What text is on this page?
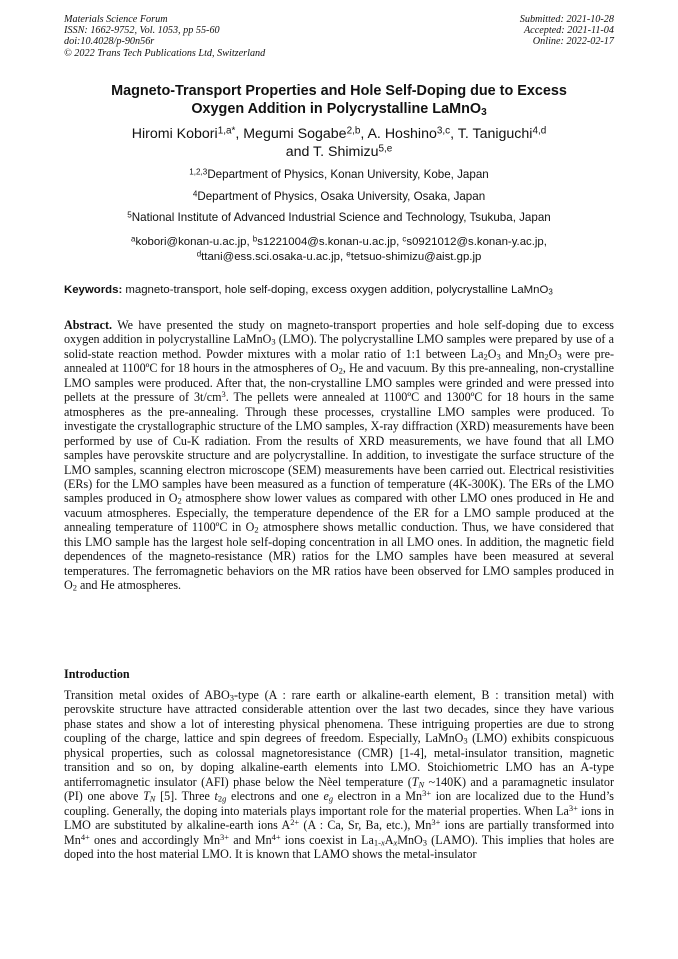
Materials Science Forum
ISSN: 1662-9752, Vol. 1053, pp 55-60
doi:10.4028/p-90n56r
© 2022 Trans Tech Publications Ltd, Switzerland
Submitted: 2021-10-28
Accepted: 2021-11-04
Online: 2022-02-17
Magneto-Transport Properties and Hole Self-Doping due to Excess
Oxygen Addition in Polycrystalline LaMnO$_3$
Hiromi Kobori$^{1,a*}$, Megumi Sogabe$^{2,b}$, A. Hoshino$^{3,c}$, T. Taniguchi$^{4,d}$
and T. Shimizu$^{5,e}$
$^{1,2,3}$Department of Physics, Konan University, Kobe, Japan
$^4$Department of Physics, Osaka University, Osaka, Japan
$^5$National Institute of Advanced Industrial Science and Technology, Tsukuba, Japan
$^a$kobori@konan-u.ac.jp, $^b$s1221004@s.konan-u.ac.jp, $^c$s0921012@s.konan-y.ac.jp,
$^d$ttani@ess.sci.osaka-u.ac.jp, $^e$tetsuo-shimizu@aist.gp.jp
Keywords: magneto-transport, hole self-doping, excess oxygen addition, polycrystalline LaMnO$_3$
Abstract. We have presented the study on magneto-transport properties and hole self-doping due to excess oxygen addition in polycrystalline LaMnO$_3$ (LMO). The polycrystalline LMO samples were prepared by use of a solid-state reaction method. Powder mixtures with a molar ratio of 1:1 between $La_2O_3$ and $Mn_2O_3$ were pre-annealed at 1100ºC for 18 hours in the atmospheres of $O_2$, He and vacuum. By this pre-annealing, non-crystalline LMO samples were produced. After that, the non-crystalline LMO samples were grinded and were pressed into pellets at the pressure of $3t/cm^3$. The pellets were annealed at 1100ºC and 1300ºC for 18 hours in the same atmospheres as the pre-annealing. Through these processes, crystalline LMO samples were produced. To investigate the crystallographic structure of the LMO samples, X-ray diffraction (XRD) measurements have been performed by use of Cu-K radiation. From the results of XRD measurements, we have found that all LMO samples have perovskite structure and are polycrystalline. In addition, to investigate the surface structure of the LMO samples, scanning electron microscope (SEM) measurements have been carried out. Electrical resistivities (ERs) for the LMO samples have been measured as a function of temperature (4K-300K). The ERs of the LMO samples produced in $O_2$ atmosphere show lower values as compared with other LMO ones produced in He and vacuum atmospheres. Especially, the temperature dependence of the ER for a LMO sample produced at the annealing temperature of 1100ºC in $O_2$ atmosphere shows metallic conduction. Thus, we have considered that this LMO sample has the largest hole self-doping concentration in all LMO ones. In addition, the magnetic field dependences of the magneto-resistance (MR) ratios for the LMO samples have been measured at several temperatures. The ferromagnetic behaviors on the MR ratios have been observed for LMO samples produced in $O_2$ and He atmospheres.
Introduction
Transition metal oxides of $ABO_3$-type (A : rare earth or alkaline-earth element, B : transition metal) with perovskite structure have attracted considerable attention over the last two decades, since they have various phase states and show a lot of interesting physical phenomena. These intriguing properties are due to strong coupling of the charge, lattice and spin degrees of freedom. Especially, LaMnO$_3$ (LMO) exhibits conspicuous physical properties, such as colossal magnetoresistance (CMR) [1-4], metal-insulator transition, magnetic transition and so on, by doping alkaline-earth elements into LMO. Stoichiometric LMO has an A-type antiferromagnetic insulator (AFI) phase below the Nèel temperature ($T_N$ ~140K) and a paramagnetic insulator (PI) one above $T_N$ [5]. Three $t_{2g}$ electrons and one $e_g$ electron in a $Mn^{3+}$ ion are localized due to the Hund’s coupling. Generally, the doping into materials plays important role for the material properties. When $La^{3+}$ ions in LMO are substituted by alkaline-earth ions $A^{2+}$ (A : Ca, Sr, Ba, etc.), $Mn^{3+}$ ions are partially transformed into $Mn^{4+}$ ones and accordingly $Mn^{3+}$ and $Mn^{4+}$ ions coexist in $La_{1-x}A_xMnO_3$ (LAMO). This implies that holes are doped into the host material LMO. It is known that LAMO shows the metal-insulator
